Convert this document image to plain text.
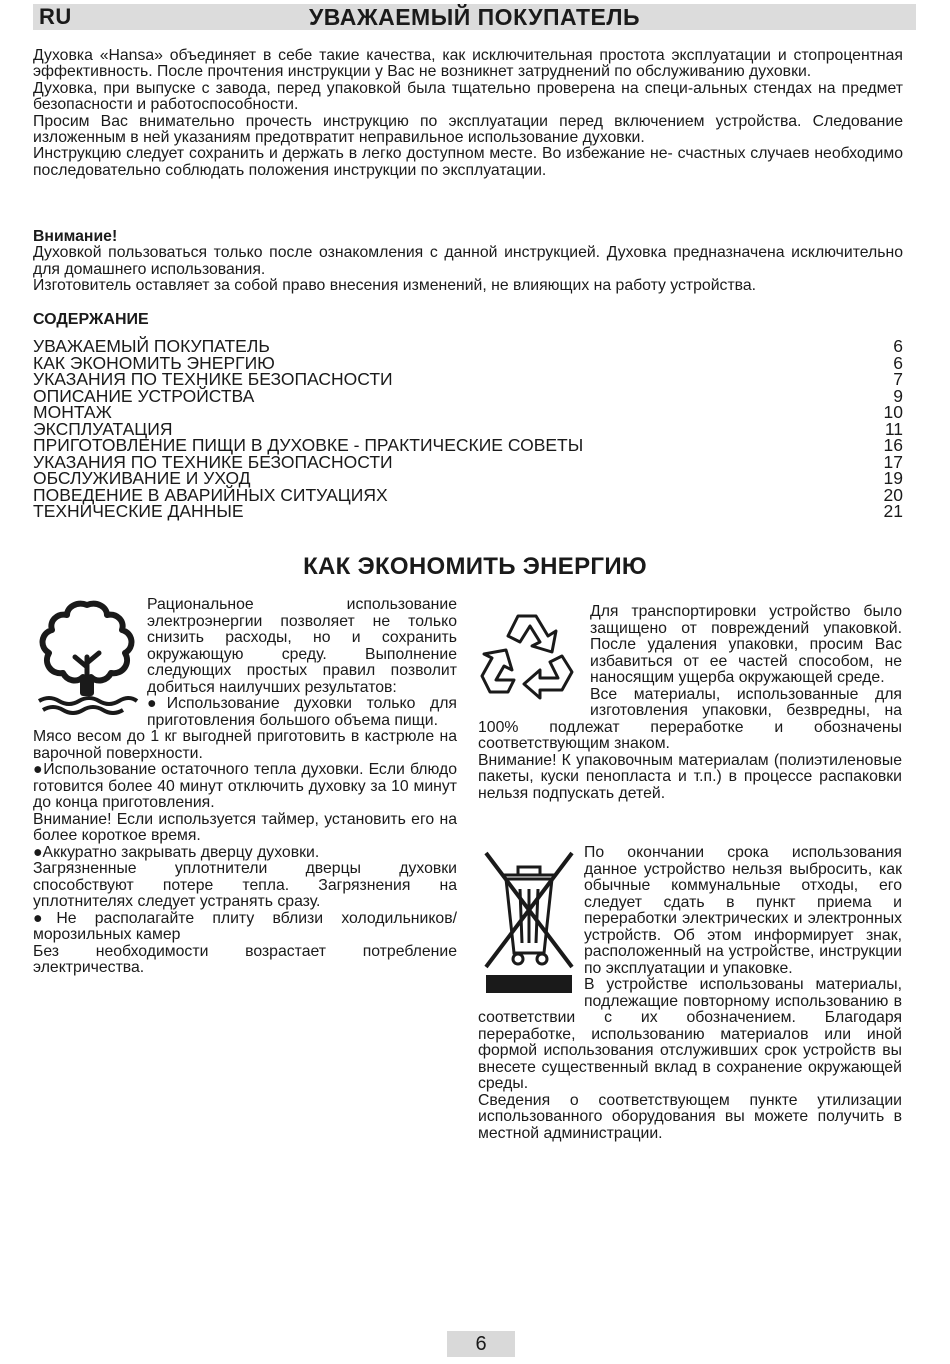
RU	УВАЖАЕМЫЙ ПОКУПАТЕЛЬ

Духовка «Hansa» объединяет в себе такие качества, как исключительная простота эксплуатации и стопроцентная эффективность. После прочтения инструкции у Вас не возникнет затруднений по обслуживанию духовки.

Духовка, при выпуске с завода, перед упаковкой была тщательно проверена на специ-альных стендах на предмет безопасности и работоспособности.

Просим Вас внимательно прочесть инструкцию по эксплуатации перед включением устройства. Следование изложенным в ней указаниям предотвратит неправильное использование духовки.

Инструкцию следует сохранить и держать в легко доступном месте. Во избежание не- счастных случаев необходимо последовательно соблюдать положения инструкции по эксплуатации.

Внимание!

Духовкой пользоваться только после ознакомления с данной инструкцией. Духовка предназначена исключительно для домашнего использования.

Изготовитель оставляет за собой право внесения изменений, не влияющих на работу устройства.

СОДЕРЖАНИЕ
УВАЖАЕМЫЙ ПОКУПАТЕЛЬ	6
КАК ЭКОНОМИТЬ ЭНЕРГИЮ	6
УКАЗАНИЯ ПО ТЕХНИКЕ БЕЗОПАСНОСТИ	7
ОПИСАНИЕ УСТРОЙСТВА	9
МОНТАЖ	10
ЭКСПЛУАТАЦИЯ	11
ПРИГОТОВЛЕНИЕ ПИЩИ В ДУХОВКЕ - ПРАКТИЧЕСКИЕ СОВЕТЫ	16
УКАЗАНИЯ ПО ТЕХНИКЕ БЕЗОПАСНОСТИ	17
ОБСЛУЖИВАНИЕ И УХОД	19
ПОВЕДЕНИЕ В АВАРИЙНЫХ СИТУАЦИЯХ	20
ТЕХНИЧЕСКИЕ ДАННЫЕ	21
КАК ЭКОНОМИТЬ ЭНЕРГИЮ

Рациональное использование электроэнергии позволяет не только снизить расходы, но и сохранить окружающую среду. Выполнение следующих простых правил позволит добиться наилучших результатов:

●Использование духовки только для приготовления большого объема пищи.

Мясо весом до 1 кг выгодней приготовить в кастрюле на варочной поверхности.

●Использование остаточного тепла духовки. Если блюдо готовится более 40 минут отключить духовку за 10 минут до конца приготовления.

Внимание! Если используется таймер, установить его на более короткое время.

●Аккуратно закрывать дверцу духовки.

Загрязненные уплотнители дверцы духовки способствуют потере тепла. Загрязнения на уплотнителях следует устранять сразу.

●Не располагайте плиту вблизи холодильников/ морозильных камер

Без необходимости возрастает потребление электричества.

Для транспортировки устройство было защищено от повреждений упаковкой. После удаления упаковки, просим Вас избавиться от ее частей способом, не наносящим ущерба окружающей среде.

Все материалы, использованные для изготовления упаковки, безвредны, на 100% подлежат переработке и обозначены соответствующим знаком.

Внимание! К упаковочным материалам (полиэтиленовые пакеты, куски пенопласта и т.п.) в процессе распаковки нельзя подпускать детей.

По окончании срока использования данное устройство нельзя выбросить, как обычные коммунальные отходы, его следует сдать в пункт приема и переработки электрических и электронных устройств. Об этом информирует знак, расположенный на устройстве, инструкции по эксплуатации и упаковке.

В устройстве использованы материалы, подлежащие повторному использованию в соответствии с их обозначением. Благодаря переработке, использованию материалов или иной формой использования отслуживших срок устройств вы внесете существенный вклад в сохранение окружающей среды.

Сведения о соответствующем пункте утилизации использованного оборудования вы можете получить в местной администрации.

6
